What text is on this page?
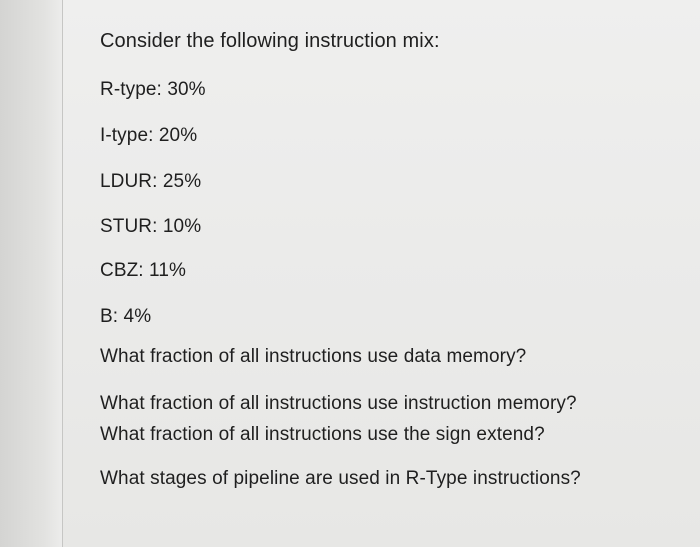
Consider the following instruction mix:

R-type: 30%

I-type: 20%

LDUR: 25%

STUR: 10%

CBZ: 11%

B: 4%

What fraction of all instructions use data memory?

What fraction of all instructions use instruction memory?

What fraction of all instructions use the sign extend?

What stages of pipeline are used in R-Type instructions?
